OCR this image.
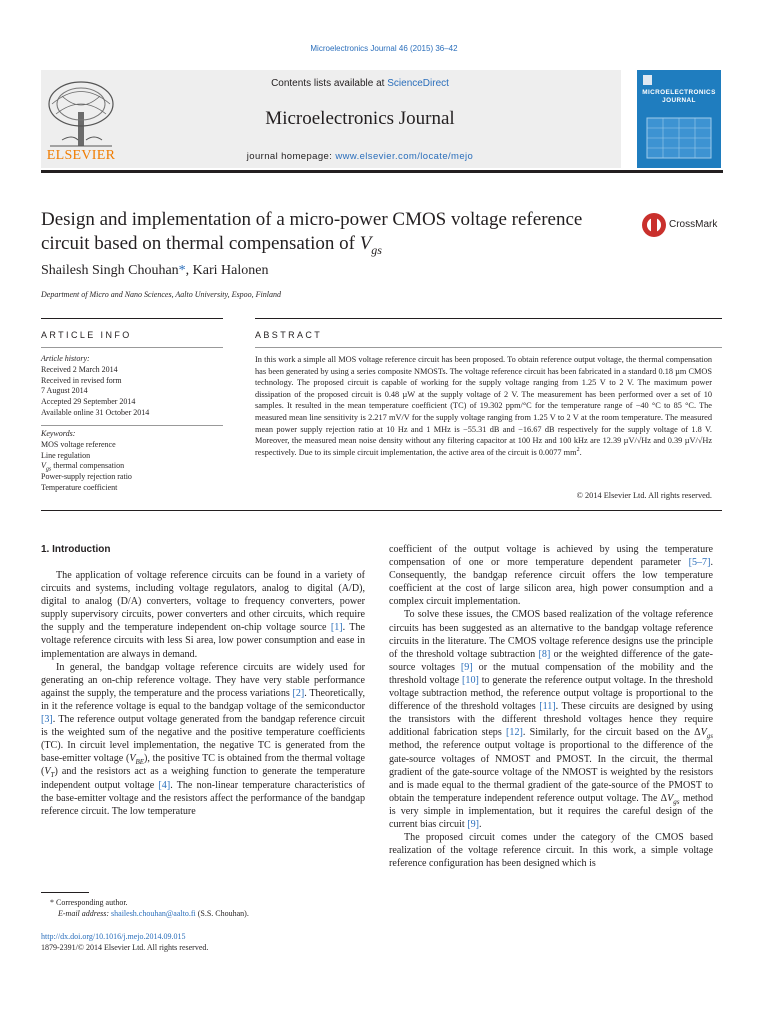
Microelectronics Journal 46 (2015) 36–42
ELSEVIER
Contents lists available at ScienceDirect
Microelectronics Journal
journal homepage: www.elsevier.com/locate/mejo
MICROELECTRONICS
JOURNAL
Design and implementation of a micro-power CMOS voltage reference
circuit based on thermal compensation of $V_{gs}$
CrossMark
Shailesh Singh Chouhan*, Kari Halonen
Department of Micro and Nano Sciences, Aalto University, Espoo, Finland
ARTICLE INFO	ABSTRACT
Article history:
Received 2 March 2014
Received in revised form
7 August 2014
Accepted 29 September 2014
Available online 31 October 2014
Keywords:
MOS voltage reference
Line regulation
$V_{gs}$ thermal compensation
Power-supply rejection ratio
Temperature coefficient
In this work a simple all MOS voltage reference circuit has been proposed. To obtain reference output voltage, the thermal compensation has been generated by using a series composite NMOSTs. The voltage reference circuit has been fabricated in a standard 0.18 µm CMOS technology. The proposed circuit is capable of working for the supply voltage ranging from 1.25 V to 2 V. The maximum power dissipation of the proposed circuit is 0.48 µW at the supply voltage of 2 V. The measurement has been performed over a set of 10 samples. It resulted in the mean temperature coefficient (TC) of 19.302 ppm/°C for the temperature range of −40 °C to 85 °C. The measured mean line sensitivity is 2.217 mV/V for the supply voltage ranging from 1.25 V to 2 V at the room temperature. The measured mean power supply rejection ratio at 10 Hz and 1 MHz is −55.31 dB and −16.67 dB respectively for the supply voltage of 1.8 V. Moreover, the measured mean noise density without any filtering capacitor at 100 Hz and 100 kHz are 12.39 µV/√Hz and 0.39 µV/√Hz respectively. Due to its simple circuit implementation, the active area of the circuit is 0.0077 $mm^2$.
© 2014 Elsevier Ltd. All rights reserved.
1. Introduction

The application of voltage reference circuits can be found in a variety of circuits and systems, including voltage regulators, analog to digital (A/D), digital to analog (D/A) converters, voltage to frequency converters, power supply supervisory circuits, power converters and other circuits, which require the supply and the temperature independent on-chip voltage source [1]. The voltage reference circuits with less Si area, low power consumption and ease in implementation are always in demand.

In general, the bandgap voltage reference circuits are widely used for generating an on-chip reference voltage. They have very stable performance against the supply, the temperature and the process variations [2]. Theoretically, in it the reference voltage is equal to the bandgap voltage of the semiconductor [3]. The reference output voltage generated from the bandgap reference circuit is the weighted sum of the negative and the positive temperature coefficients (TC). In circuit level implementation, the negative TC is generated from the base-emitter voltage $(V_{BE})$, the positive TC is obtained from the thermal voltage $(V_T)$ and the resistors act as a weighing function to generate the temperature independent output voltage [4]. The non-linear temperature characteristics of the base-emitter voltage and the resistors affect the performance of the bandgap reference circuit. The low temperature

coefficient of the output voltage is achieved by using the temperature compensation of one or more temperature dependent parameter [5–7]. Consequently, the bandgap reference circuit offers the low temperature coefficient at the cost of large silicon area, high power consumption and a complex circuit implementation.

To solve these issues, the CMOS based realization of the voltage reference circuits has been suggested as an alternative to the bandgap voltage reference circuits in the literature. The CMOS voltage reference designs use the principle of the threshold voltage subtraction [8] or the weighted difference of the gate-source voltages [9] or the mutual compensation of the mobility and the threshold voltage [10] to generate the reference output voltage. In the threshold voltage subtraction method, the reference output voltage is proportional to the difference of the threshold voltages [11]. These circuits are designed by using the transistors with the different threshold voltages hence they require additional fabrication steps [12]. Similarly, for the circuit based on the $\Delta V_{gs}$ method, the reference output voltage is proportional to the difference of the gate-source voltages of NMOST and PMOST. In the circuit, the thermal gradient of the gate-source voltage of the NMOST is weighted by the resistors and is made equal to the thermal gradient of the gate-source of the PMOST to obtain the temperature independent reference output voltage. The $\Delta V_{gs}$ method is very simple in implementation, but it requires the careful design of the current bias circuit [9].

The proposed circuit comes under the category of the CMOS based realization of the voltage reference circuit. In this work, a simple voltage reference configuration has been designed which is

* Corresponding author.
E-mail address: shailesh.chouhan@aalto.fi (S.S. Chouhan).
http://dx.doi.org/10.1016/j.mejo.2014.09.015
1879-2391/© 2014 Elsevier Ltd. All rights reserved.
